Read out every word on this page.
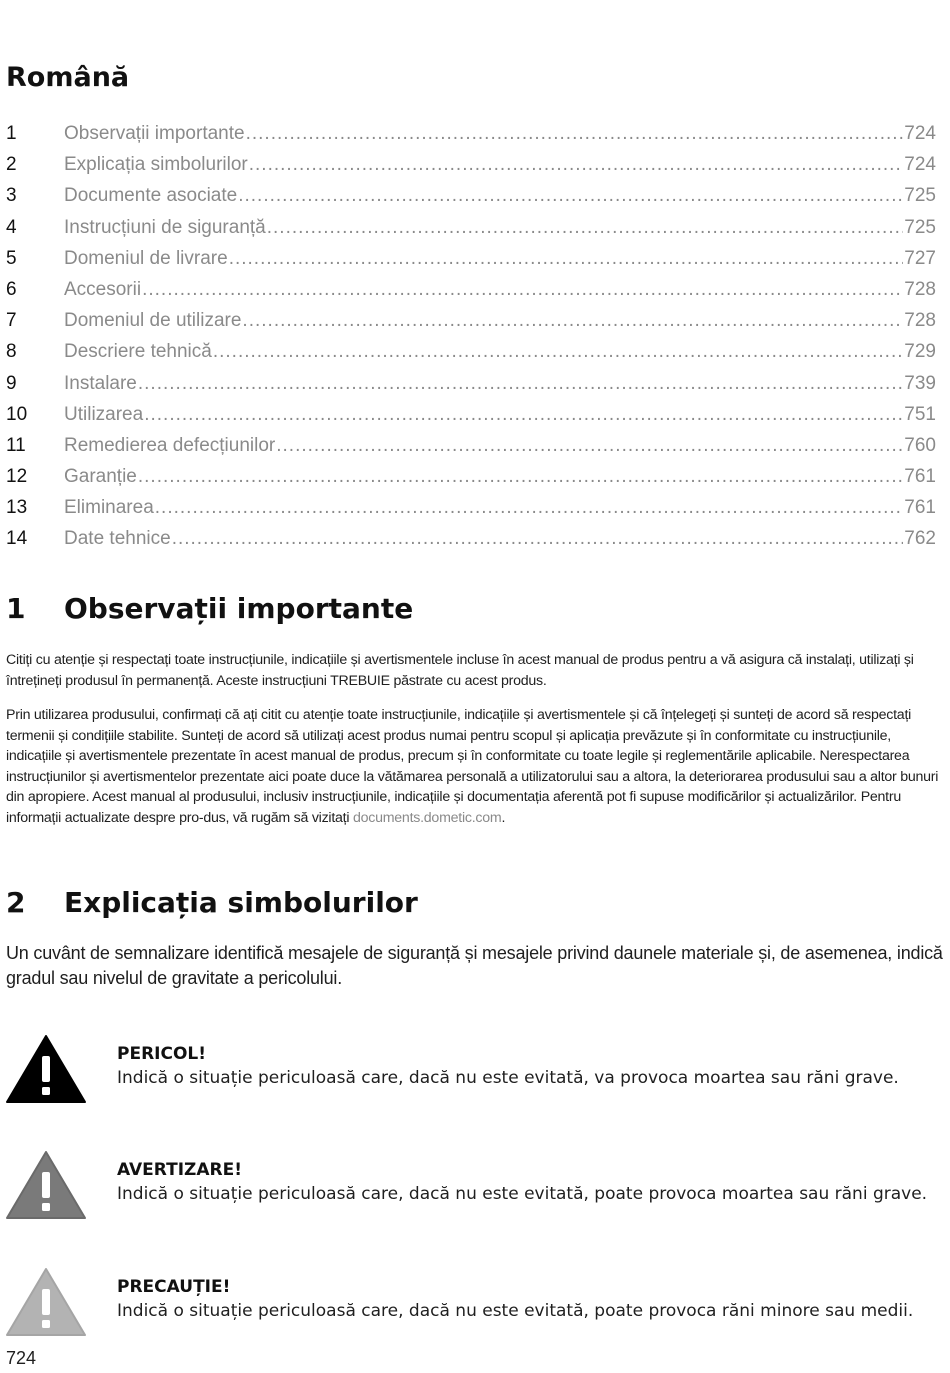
Română
1	Observații importante .....	724
2	Explicația simbolurilor .....	724
3	Documente asociate .....	725
4	Instrucțiuni de siguranță .....	725
5	Domeniul de livrare .....	727
6	Accesorii .....	728
7	Domeniul de utilizare .....	728
8	Descriere tehnică .....	729
9	Instalare .....	739
10	Utilizarea .....	751
11	Remedierea defecțiunilor .....	760
12	Garanție .....	761
13	Eliminarea .....	761
14	Date tehnice .....	762
1	Observații importante

Citiți cu atenție și respectați toate instrucțiunile, indicațiile și avertismentele incluse în acest manual de produs pentru a vă asigura că instalați, utilizați și întrețineți produsul în permanență. Aceste instrucțiuni TREBUIE păstrate cu acest produs.

Prin utilizarea produsului, confirmați că ați citit cu atenție toate instrucțiunile, indicațiile și avertismentele și că înțelegeți și sunteți de acord să respectați termenii și condițiile stabilite. Sunteți de acord să utilizați acest produs numai pentru scopul și aplicația prevăzute și în conformitate cu instrucțiunile, indicațiile și avertismentele prezentate în acest manual de produs, precum și în conformitate cu toate legile și reglementările aplicabile. Nerespectarea instrucțiunilor și avertismentelor prezentate aici poate duce la vătămarea personală a utilizatorului sau a altora, la deteriorarea produsului sau a altor bunuri din apropiere. Acest manual al produsului, inclusiv instrucțiunile, indicațiile și documentația aferentă pot fi supuse modificărilor și actualizărilor. Pentru informații actualizate despre pro-dus, vă rugăm să vizitați documents.dometic.com.

2	Explicația simbolurilor

Un cuvânt de semnalizare identifică mesajele de siguranță și mesajele privind daunele materiale și, de asemenea, indică gradul sau nivelul de gravitate a pericolului.

PERICOL!
Indică o situație periculoasă care, dacă nu este evitată, va provoca moartea sau răni grave.
AVERTIZARE!
Indică o situație periculoasă care, dacă nu este evitată, poate provoca moartea sau răni grave.
PRECAUȚIE!
Indică o situație periculoasă care, dacă nu este evitată, poate provoca răni minore sau medii.
724
